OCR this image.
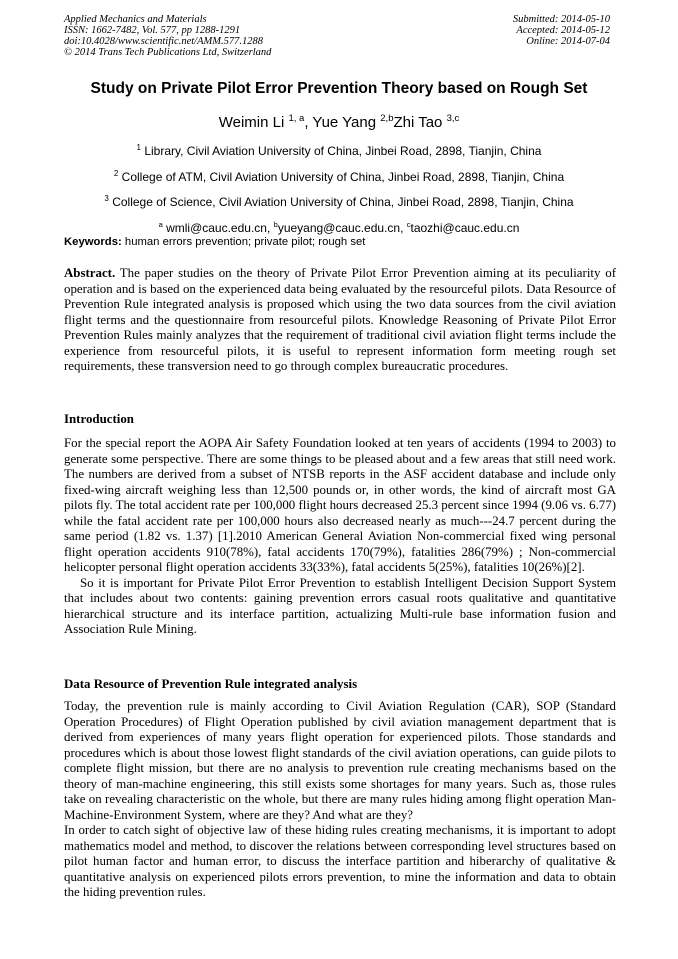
Applied Mechanics and Materials
ISSN: 1662-7482, Vol. 577, pp 1288-1291
doi:10.4028/www.scientific.net/AMM.577.1288
© 2014 Trans Tech Publications Ltd, Switzerland
Submitted: 2014-05-10
Accepted: 2014-05-12
Online: 2014-07-04
Study on Private Pilot Error Prevention Theory based on Rough Set
Weimin Li $^{1, a}$, Yue Yang $^{2,b}$Zhi Tao $^{3,c}$
$^1$ Library, Civil Aviation University of China, Jinbei Road, 2898, Tianjin, China
$^2$ College of ATM, Civil Aviation University of China, Jinbei Road, 2898, Tianjin, China
$^3$ College of Science, Civil Aviation University of China, Jinbei Road, 2898, Tianjin, China
$^a$ wmli@cauc.edu.cn, $^b$yueyang@cauc.edu.cn, $^c$taozhi@cauc.edu.cn
Keywords: human errors prevention; private pilot; rough set

Abstract. The paper studies on the theory of Private Pilot Error Prevention aiming at its peculiarity of operation and is based on the experienced data being evaluated by the resourceful pilots. Data Resource of Prevention Rule integrated analysis is proposed which using the two data sources from the civil aviation flight terms and the questionnaire from resourceful pilots. Knowledge Reasoning of Private Pilot Error Prevention Rules mainly analyzes that the requirement of traditional civil aviation flight terms include the experience from resourceful pilots, it is useful to represent information form meeting rough set requirements, these transversion need to go through complex bureaucratic procedures.

Introduction

For the special report the AOPA Air Safety Foundation looked at ten years of accidents (1994 to 2003) to generate some perspective. There are some things to be pleased about and a few areas that still need work. The numbers are derived from a subset of NTSB reports in the ASF accident database and include only fixed-wing aircraft weighing less than 12,500 pounds or, in other words, the kind of aircraft most GA pilots fly. The total accident rate per 100,000 flight hours decreased 25.3 percent since 1994 (9.06 vs. 6.77) while the fatal accident rate per 100,000 hours also decreased nearly as much---24.7 percent during the same period (1.82 vs. 1.37) [1].2010 American General Aviation Non-commercial fixed wing personal flight operation accidents 910(78%), fatal accidents 170(79%), fatalities 286(79%) ; Non-commercial helicopter personal flight operation accidents 33(33%), fatal accidents 5(25%), fatalities 10(26%)[2].

So it is important for Private Pilot Error Prevention to establish Intelligent Decision Support System that includes about two contents: gaining prevention errors casual roots qualitative and quantitative hierarchical structure and its interface partition, actualizing Multi-rule base information fusion and Association Rule Mining.

Data Resource of Prevention Rule integrated analysis

Today, the prevention rule is mainly according to Civil Aviation Regulation (CAR), SOP (Standard Operation Procedures) of Flight Operation published by civil aviation management department that is derived from experiences of many years flight operation for experienced pilots. Those standards and procedures which is about those lowest flight standards of the civil aviation operations, can guide pilots to complete flight mission, but there are no analysis to prevention rule creating mechanisms based on the theory of man-machine engineering, this still exists some shortages for many years. Such as, those rules take on revealing characteristic on the whole, but there are many rules hiding among flight operation Man-Machine-Environment System, where are they? And what are they?

In order to catch sight of objective law of these hiding rules creating mechanisms, it is important to adopt mathematics model and method, to discover the relations between corresponding level structures based on pilot human factor and human error, to discuss the interface partition and hiberarchy of qualitative & quantitative analysis on experienced pilots errors prevention, to mine the information and data to obtain the hiding prevention rules.
